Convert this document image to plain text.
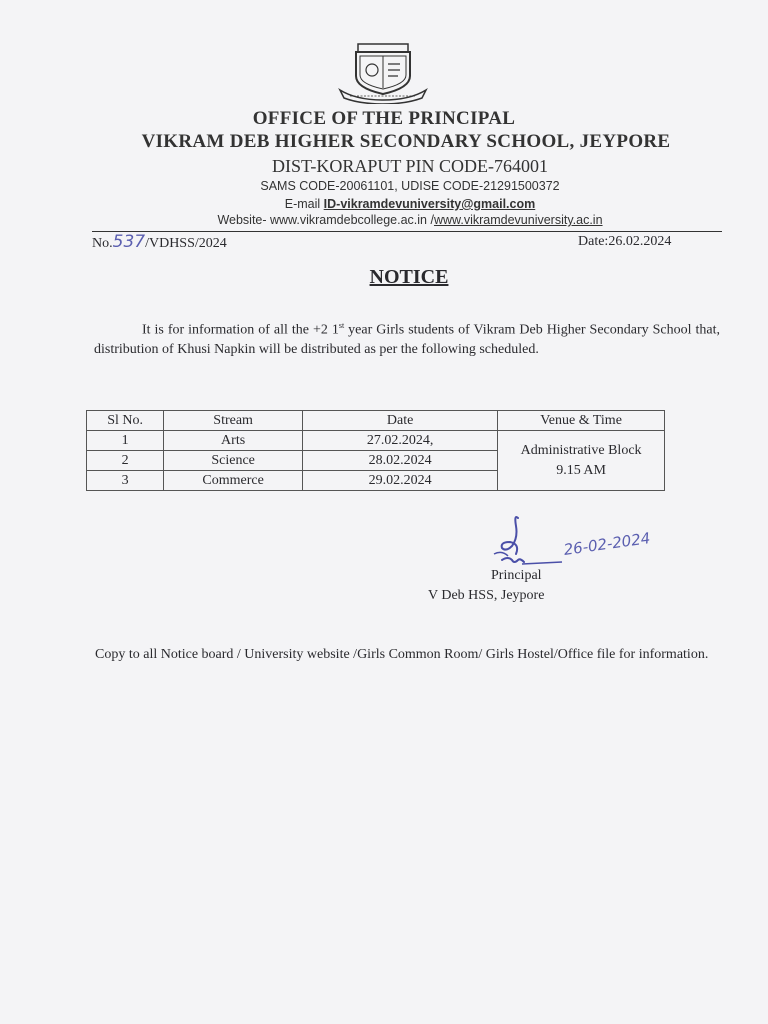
OFFICE OF THE PRINCIPAL
VIKRAM DEB HIGHER SECONDARY SCHOOL, JEYPORE
DIST-KORAPUT PIN CODE-764001
SAMS CODE-20061101, UDISE CODE-21291500372
E-mail ID-vikramdevuniversity@gmail.com
Website- www.vikramdebcollege.ac.in /www.vikramdevuniversity.ac.in
No.537/VDHSS/2024	Date:26.02.2024
NOTICE
It is for information of all the +2 1st year Girls students of Vikram Deb Higher Secondary School that, distribution of Khusi Napkin will be distributed as per the following scheduled.
Sl No.	Stream	Date	Venue & Time
1	Arts	27.02.2024,	Administrative Block
9.15 AM

2	Science	28.02.2024	
3	Commerce	29.02.2024	
26-02-2024
Principal
V Deb HSS, Jeypore
Copy to all Notice board / University website /Girls Common Room/ Girls Hostel/Office file for information.
